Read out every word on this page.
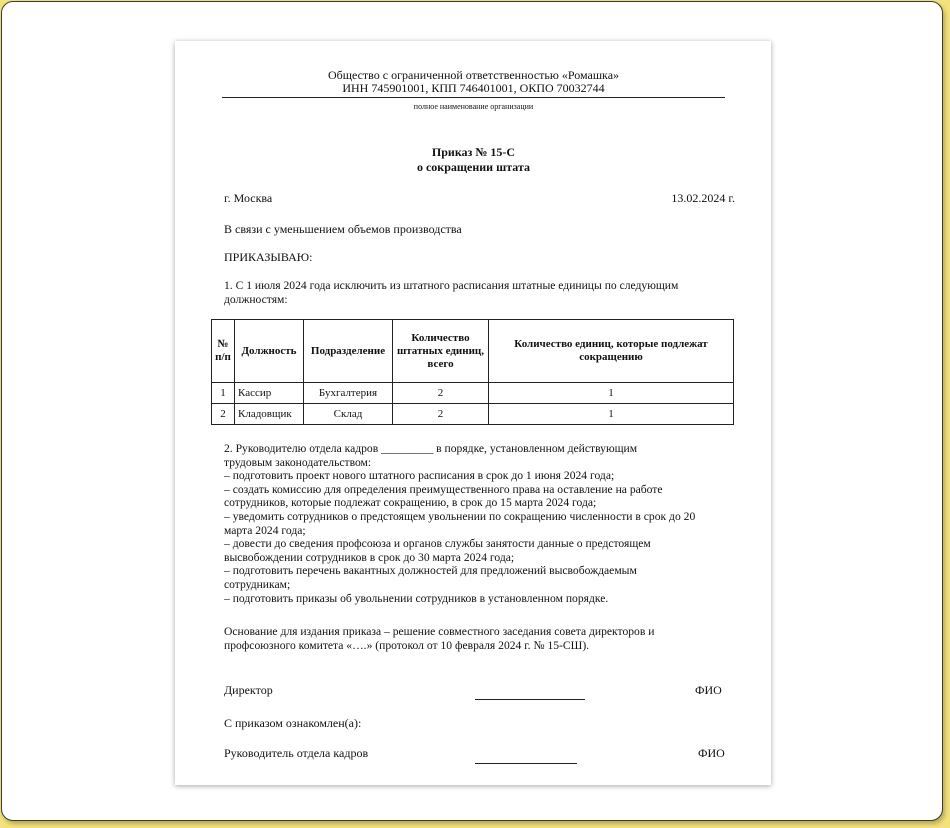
Общество с ограниченной ответственностью «Ромашка»
ИНН 745901001, КПП 746401001, ОКПО 70032744
полное наименование организации
Приказ № 15-С
о сокращении штата
г. Москва	13.02.2024 г.
В связи с уменьшением объемов производства
ПРИКАЗЫВАЮ:
1. С 1 июля 2024 года исключить из штатного расписания штатные единицы по следующим
должностям:
№ п/п	Должность	Подразделение	Количество штатных единиц, всего	Количество единиц, которые подлежат сокращению
1	Кассир	Бухгалтерия	2	1
2	Кладовщик	Склад	2	1
2. Руководителю отдела кадров _________ в порядке, установленном действующим
трудовым законодательством:
– подготовить проект нового штатного расписания в срок до 1 июня 2024 года;
– создать комиссию для определения преимущественного права на оставление на работе
сотрудников, которые подлежат сокращению, в срок до 15 марта 2024 года;
– уведомить сотрудников о предстоящем увольнении по сокращению численности в срок до 20
марта 2024 года;
– довести до сведения профсоюза и органов службы занятости данные о предстоящем
высвобождении сотрудников в срок до 30 марта 2024 года;
– подготовить перечень вакантных должностей для предложений высвобождаемым
сотрудникам;
– подготовить приказы об увольнении сотрудников в установленном порядке.
Основание для издания приказа – решение совместного заседания совета директоров и
профсоюзного комитета «….» (протокол от 10 февраля 2024 г. № 15-СШ).
Директор	ФИО
С приказом ознакомлен(а):
Руководитель отдела кадров	ФИО
